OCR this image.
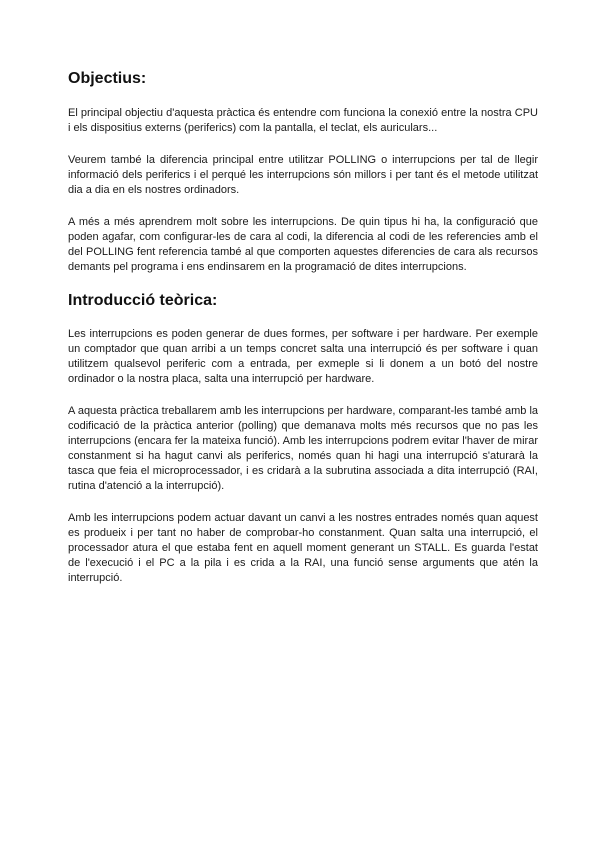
Objectius:

El principal objectiu d'aquesta pràctica és entendre com funciona la conexió entre la nostra CPU i els dispositius externs (periferics) com la pantalla, el teclat, els auriculars...

Veurem també la diferencia principal entre utilitzar POLLING o interrupcions per tal de llegir informació dels periferics i el perqué les interrupcions són millors i per tant és el metode utilitzat dia a dia en els nostres ordinadors.

A més a més aprendrem molt sobre les interrupcions. De quin tipus hi ha, la configuració que poden agafar, com configurar-les de cara al codi, la diferencia al codi de les referencies amb el del POLLING fent referencia també al que comporten aquestes diferencies de cara als recursos demants pel programa i ens endinsarem en la programació de dites interrupcions.

Introducció teòrica:

Les interrupcions es poden generar de dues formes, per software i per hardware. Per exemple un comptador que quan arribi a un temps concret salta una interrupció és per software i quan utilitzem qualsevol periferic com a entrada, per exmeple si li donem a un botó del nostre ordinador o la nostra placa, salta una interrupció per hardware.

A aquesta pràctica treballarem amb les interrupcions per hardware, comparant-les també amb la codificació de la pràctica anterior (polling) que demanava molts més recursos que no pas les interrupcions (encara fer la mateixa funció). Amb les interrupcions podrem evitar l'haver de mirar constanment si ha hagut canvi als periferics, només quan hi hagi una interrupció s'aturarà la tasca que feia el microprocessador, i es cridarà a la subrutina associada a dita interrupció (RAI, rutina d'atenció a la interrupció).

Amb les interrupcions podem actuar davant un canvi a les nostres entrades només quan aquest es produeix i per tant no haber de comprobar-ho constanment. Quan salta una interrupció, el processador atura el que estaba fent en aquell moment generant un STALL. Es guarda l'estat de l'execució i el PC a la pila i es crida a la RAI, una funció sense arguments que atén la interrupció.
